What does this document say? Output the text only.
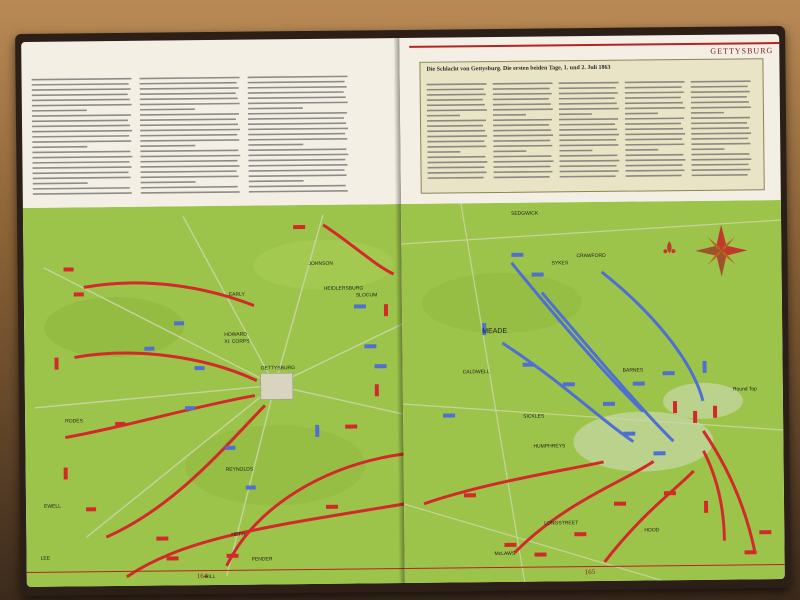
EARLY
JOHNSON
EWELL
RODES
HOWARD
XI. CORPS
GETTYSBURG
HEIDLERSBURG
SLOCUM
REYNOLDS
HETH
PENDER
LEE
HILL
164
GETTYSBURG
Die Schlacht von Gettysburg. Die ersten beiden Tage, 1. und 2. Juli 1863
MEADE
SEDGWICK
SYKES
CALDWELL	BARNES
CRAWFORD
SICKLES
HUMPHREYS
McLAWS
HOOD
LONGSTREET
Round Top
165
